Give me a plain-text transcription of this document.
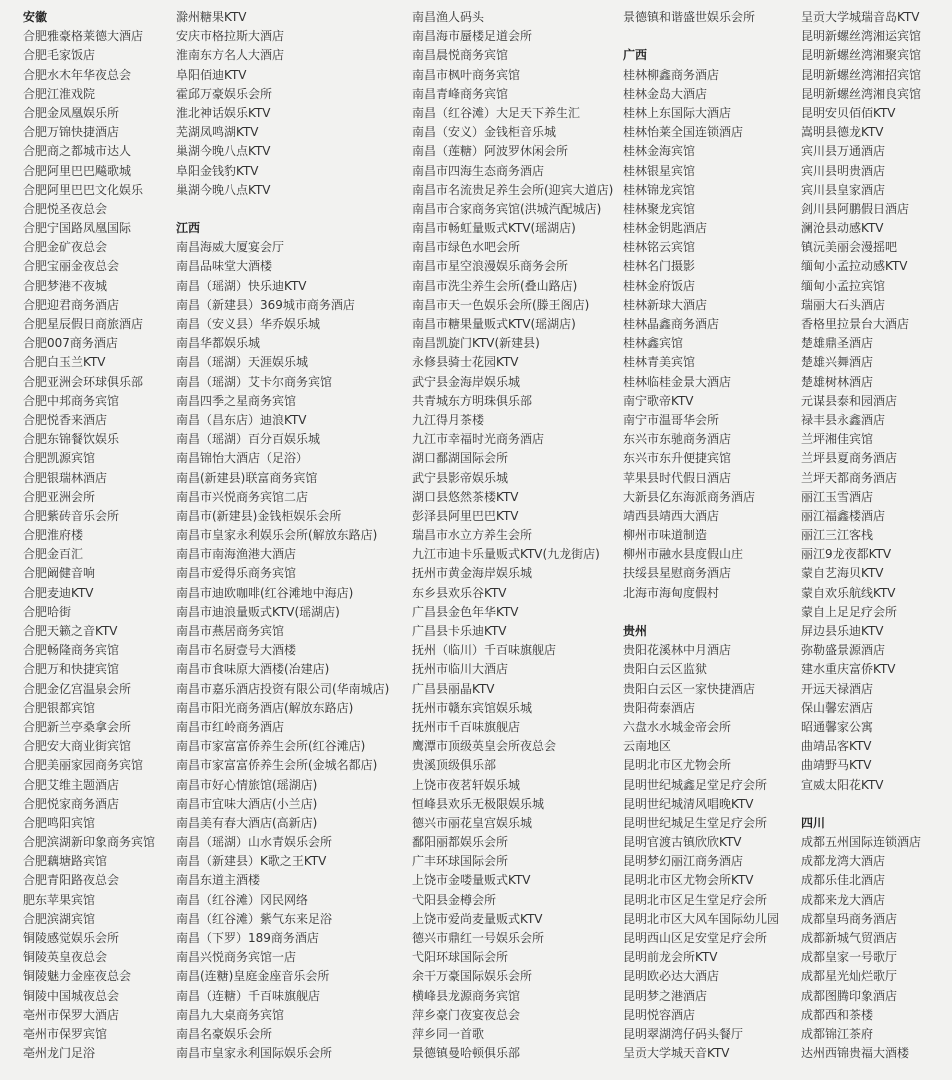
安徽
合肥雅豪格莱德大酒店
合肥毛家饭店
合肥水木年华夜总会
合肥江淮戏院
合肥金凤凰娱乐所
合肥万锦快捷酒店
合肥商之都城市达人
合肥阿里巴巴飚歌城
合肥阿里巴巴文化娱乐
合肥悦圣夜总会
合肥宁国路凤凰国际
合肥金矿夜总会
合肥宝丽金夜总会
合肥梦港不夜城
合肥迎君商务酒店
合肥星辰假日商旅酒店
合肥007商务酒店
合肥白玉兰KTV
合肥亚洲会环球俱乐部
合肥中邦商务宾馆
合肥悦香来酒店
合肥东锦餐饮娱乐
合肥凯源宾馆
合肥银瑞林酒店
合肥亚洲会所
合肥紫砖音乐会所
合肥淮府楼
合肥金百汇
合肥阚健音响
合肥麦迪KTV
合肥哈街
合肥天籁之音KTV
合肥畅隆商务宾馆
合肥万和快捷宾馆
合肥金亿宫温泉会所
合肥银都宾馆
合肥新兰亭桑拿会所
合肥安大商业街宾馆
合肥美丽家园商务宾馆
合肥艾维主题酒店
合肥悦家商务酒店
合肥鸣阳宾馆
合肥滨湖新印象商务宾馆
合肥藕塘路宾馆
合肥青阳路夜总会
肥东苹果宾馆
合肥滨湖宾馆
铜陵感觉娱乐会所
铜陵英皇夜总会
铜陵魅力金座夜总会
铜陵中国城夜总会
亳州市保罗大酒店
亳州市保罗宾馆
亳州龙门足浴
滁州糖果KTV
安庆市格拉斯大酒店
淮南东方名人大酒店
阜阳佰迪KTV
霍邱万豪娱乐会所
淮北神话娱乐KTV
芜湖凤鸣湖KTV
巢湖今晚八点KTV
阜阳金钱豹KTV
巢湖今晚八点KTV
江西
南昌海威大厦宴会厅
南昌品味堂大酒楼
南昌（瑶湖）快乐迪KTV
南昌（新建县）369城市商务酒店
南昌（安义县）华乔娱乐城
南昌华都娱乐城
南昌（瑶湖）天涯娱乐城
南昌（瑶湖）艾卡尔商务宾馆
南昌四季之星商务宾馆
南昌（昌东店）迪浪KTV
南昌（瑶湖）百分百娱乐城
南昌锦怡大酒店（足浴）
南昌(新建县)联富商务宾馆
南昌市兴悦商务宾馆二店
南昌市(新建县)金钱柜娱乐会所
南昌市皇家永利娱乐会所(解放东路店)
南昌市南海渔港大酒店
南昌市爱得乐商务宾馆
南昌市迪欧咖啡(红谷滩地中海店)
南昌市迪浪量贩式KTV(瑶湖店)
南昌市燕居商务宾馆
南昌市名厨壹号大酒楼
南昌市食味原大酒楼(冶建店)
南昌市嘉乐酒店投资有限公司(华南城店)
南昌市阳光商务酒店(解放东路店)
南昌市红岭商务酒店
南昌市家富富侨养生会所(红谷滩店)
南昌市家富富侨养生会所(金城名都店)
南昌市好心情旅馆(瑶湖店)
南昌市宜味大酒店(小兰店)
南昌美有春大酒店(高新店)
南昌（瑶湖）山水青娱乐会所
南昌（新建县）K歌之王KTV
南昌东道主酒楼
南昌（红谷滩）冈民网络
南昌（红谷滩）紫气东来足浴
南昌（下罗）189商务酒店
南昌兴悦商务宾馆一店
南昌(连糖)皇庭金座音乐会所
南昌（连糖）千百味旗舰店
南昌九大桌商务宾馆
南昌名豪娱乐会所
南昌市皇家永利国际娱乐会所
南昌渔人码头
南昌海市蜃楼足道会所
南昌晨悦商务宾馆
南昌市枫叶商务宾馆
南昌青峰商务宾馆
南昌（红谷滩）大足天下养生汇
南昌（安义）金钱柜音乐城
南昌（莲糖）阿波罗休闲会所
南昌市四海生态商务酒店
南昌市名流贵足养生会所(迎宾大道店)
南昌市合家商务宾馆(洪城汽配城店)
南昌市畅虹量贩式KTV(瑶湖店)
南昌市绿色水吧会所
南昌市星空浪漫娱乐商务会所
南昌市洗尘养生会所(叠山路店)
南昌市天一色娱乐会所(滕王阁店)
南昌市糖果量贩式KTV(瑶湖店)
南昌凯旋门KTV(新建县)
永修县骑士花园KTV
武宁县金海岸娱乐城
共青城东方明珠俱乐部
九江得月茶楼
九江市幸福时光商务酒店
湖口鄱湖国际会所
武宁县影帝娱乐城
湖口县悠然茶楼KTV
彭泽县阿里巴巴KTV
瑞昌市水立方养生会所
九江市迪卡乐量贩式KTV(九龙街店)
抚州市黄金海岸娱乐城
东乡县欢乐谷KTV
广昌县金色年华KTV
广昌县卡乐迪KTV
抚州（临川）千百味旗舰店
抚州市临川大酒店
广昌县丽晶KTV
抚州市赣东宾馆娱乐城
抚州市千百味旗舰店
鹰潭市顶级英皇会所夜总会
贵溪顶级俱乐部
上饶市夜茗轩娱乐城
恒峰县欢乐无极限娱乐城
德兴市丽花皇宫娱乐城
鄱阳丽都娱乐会所
广丰环球国际会所
上饶市金喽量贩式KTV
弋阳县金樽会所
上饶市爱尚麦量贩式KTV
德兴市鼎红一号娱乐会所
弋阳环球国际会所
余干万豪国际娱乐会所
横峰县龙源商务宾馆
萍乡豪门夜宴夜总会
萍乡同一首歌
景德镇曼哈顿俱乐部
景德镇和谐盛世娱乐会所
广西
桂林柳鑫商务酒店
桂林金岛大酒店
桂林上东国际大酒店
桂林怡莱全国连锁酒店
桂林金海宾馆
桂林银星宾馆
桂林锦龙宾馆
桂林聚龙宾馆
桂林金钥匙酒店
桂林铭云宾馆
桂林名门摄影
桂林金府饭店
桂林新球大酒店
桂林晶鑫商务酒店
桂林鑫宾馆
桂林青美宾馆
桂林临桂金景大酒店
南宁歌帝KTV
南宁市温哥华会所
东兴市东驰商务酒店
东兴市东升便捷宾馆
苹果县时代假日酒店
大新县亿东海派商务酒店
靖西县靖西大酒店
柳州市味道制造
柳州市融水县度假山庄
扶绥县星慰商务酒店
北海市海甸度假村
贵州
贵阳花溪林中月酒店
贵阳白云区监狱
贵阳白云区一家快捷酒店
贵阳荷泰酒店
六盘水水城金帝会所
云南地区
昆明北市区尤物会所
昆明世纪城鑫足堂足疗会所
昆明世纪城清风唱晚KTV
昆明世纪城足生堂足疗会所
昆明官渡古镇欣欣KTV
昆明梦幻丽江商务酒店
昆明北市区尤物会所KTV
昆明北市区足生堂足疗会所
昆明北市区大风车国际幼儿园
昆明西山区足安堂足疗会所
昆明前龙会所KTV
昆明欧必达大酒店
昆明梦之港酒店
昆明悦容酒店
昆明翠湖湾仔码头餐厅
呈贡大学城天音KTV
呈贡大学城瑞音岛KTV
昆明新螺丝湾湘运宾馆
昆明新螺丝湾湘聚宾馆
昆明新螺丝湾湘招宾馆
昆明新螺丝湾湘良宾馆
昆明安贝佰佰KTV
嵩明县德龙KTV
宾川县万通酒店
宾川县明贵酒店
宾川县皇家酒店
剑川县阿鹏假日酒店
澜沧县动感KTV
镇沅美丽会漫摇吧
缅甸小孟拉动感KTV
缅甸小孟拉宾馆
瑞丽大石头酒店
香格里拉景台大酒店
楚雄鼎圣酒店
楚雄兴舞酒店
楚雄树林酒店
元谋县泰和园酒店
禄丰县永鑫酒店
兰坪湘佳宾馆
兰坪县夏商务酒店
兰坪天都商务酒店
丽江玉雪酒店
丽江福鑫楼酒店
丽江三江客栈
丽江9龙夜都KTV
蒙自艺海贝KTV
蒙自欢乐航线KTV
蒙自上足足疗会所
屏边县乐迪KTV
弥勒盛景源酒店
建水重庆富侨KTV
开远天禄酒店
保山馨宏酒店
昭通馨家公寓
曲靖品客KTV
曲靖野马KTV
宣威太阳花KTV
四川
成都五州国际连锁酒店
成都龙湾大酒店
成都乐佳北酒店
成都来龙大酒店
成都皇玛商务酒店
成都新城气贸酒店
成都皇家一号歌厅
成都星光灿烂歌厅
成都图腾印象酒店
成都西和茶楼
成都锦江茶府
达州西锦贵福大酒楼
